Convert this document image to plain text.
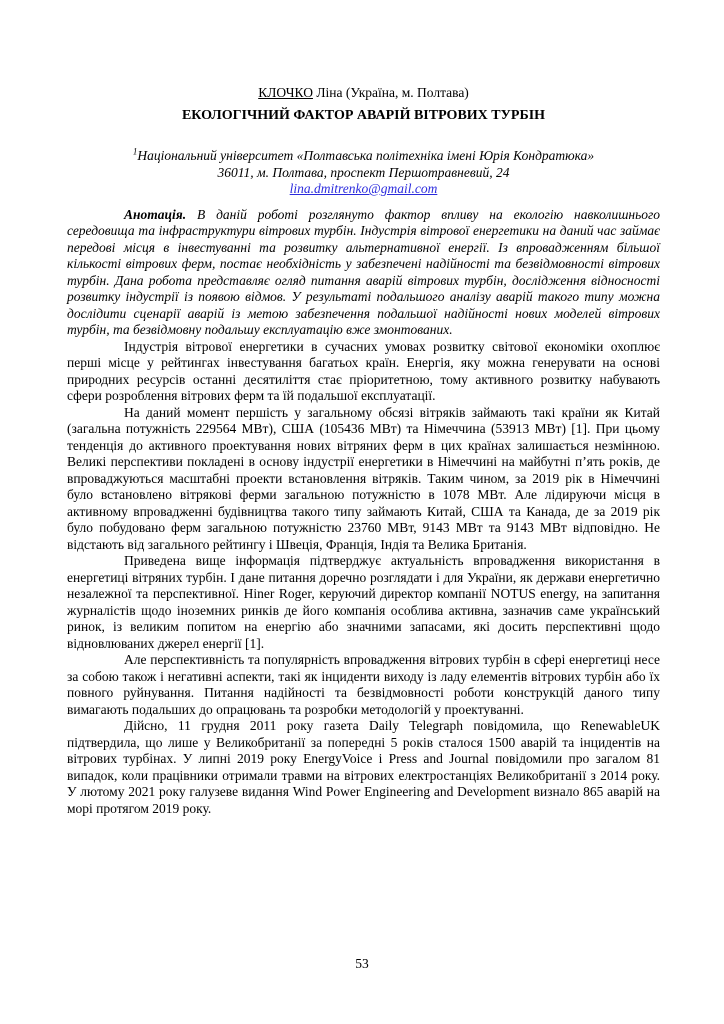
КЛОЧКО Ліна (Україна, м. Полтава)

ЕКОЛОГІЧНИЙ ФАКТОР АВАРІЙ ВІТРОВИХ ТУРБІН

$^1$Національний університет «Полтавська політехніка імені Юрія Кондратюка»

36011, м. Полтава, проспект Першотравневий, 24

lina.dmitrenko@gmail.com

Анотація. В даній роботі розглянуто фактор впливу на екологію навколишнього середовища та інфраструктури вітрових турбін. Індустрія вітрової енергетики на даний час займає передові місця в інвестуванні та розвитку альтернативної енергії. Із впровадженням більшої кількості вітрових ферм, постає необхідність у забезпечені надійності та безвідмовності вітрових турбін. Дана робота представляє огляд питання аварій вітрових турбін, дослідження відносності розвитку індустрії із появою відмов. У результаті подальшого аналізу аварій такого типу можна дослідити сценарії аварій із метою забезпечення подальшої надійності нових моделей вітрових турбін, та безвідмовну подальшу експлуатацію вже змонтованих.

Індустрія вітрової енергетики в сучасних умовах розвитку світової економіки охоплює перші місце у рейтингах інвестування багатьох країн. Енергія, яку можна генерувати на основі природних ресурсів останні десятиліття стає пріоритетною, тому активного розвитку набувають сфери розроблення вітрових ферм та їй подальшої експлуатації.

На даний момент першість у загальному обсязі вітряків займають такі країни як Китай (загальна потужність 229564 МВт), США (105436 МВт) та Німеччина (53913 МВт) [1]. При цьому тенденція до активного проектування нових вітряних ферм в цих країнах залишається незмінною. Великі перспективи покладені в основу індустрії енергетики в Німеччині на майбутні п’ять років, де впроваджуються масштабні проекти встановлення вітряків. Таким чином, за 2019 рік в Німеччині було встановлено вітрякові ферми загальною потужністю в 1078 МВт. Але лідируючи місця в активному впровадженні будівництва такого типу займають Китай, США та Канада, де за 2019 рік було побудовано ферм загальною потужністю 23760 МВт, 9143 МВт та 9143 МВт відповідно. Не відстають від загального рейтингу і Швеція, Франція, Індія та Велика Британія.

Приведена вище інформація підтверджує актуальність впровадження використання в енергетиці вітряних турбін. І дане питання доречно розглядати і для України, як держави енергетично незалежної та перспективної. Hiner Roger, керуючий директор компанії NOTUS energy, на запитання журналістів щодо іноземних ринків де його компанія особлива активна, зазначив саме український ринок, із великим попитом на енергію або значними запасами, які досить перспективні щодо відновлюваних джерел енергії [1].

Але перспективність та популярність впровадження вітрових турбін в сфері енергетиці несе за собою також і негативні аспекти, такі як інциденти виходу із ладу елементів вітрових турбін або їх повного руйнування. Питання надійності та безвідмовності роботи конструкцій даного типу вимагають подальших до опрацювань та розробки методологій у проектуванні.

Дійсно, 11 грудня 2011 року газета Daily Telegraph повідомила, що RenewableUK підтвердила, що лише у Великобританії за попередні 5 років сталося 1500 аварій та інцидентів на вітрових турбінах. У липні 2019 року EnergyVoice і Press and Journal повідомили про загалом 81 випадок, коли працівники отримали травми на вітрових електростанціях Великобританії з 2014 року. У лютому 2021 року галузеве видання Wind Power Engineering and Development визнало 865 аварій на морі протягом 2019 року.

53
